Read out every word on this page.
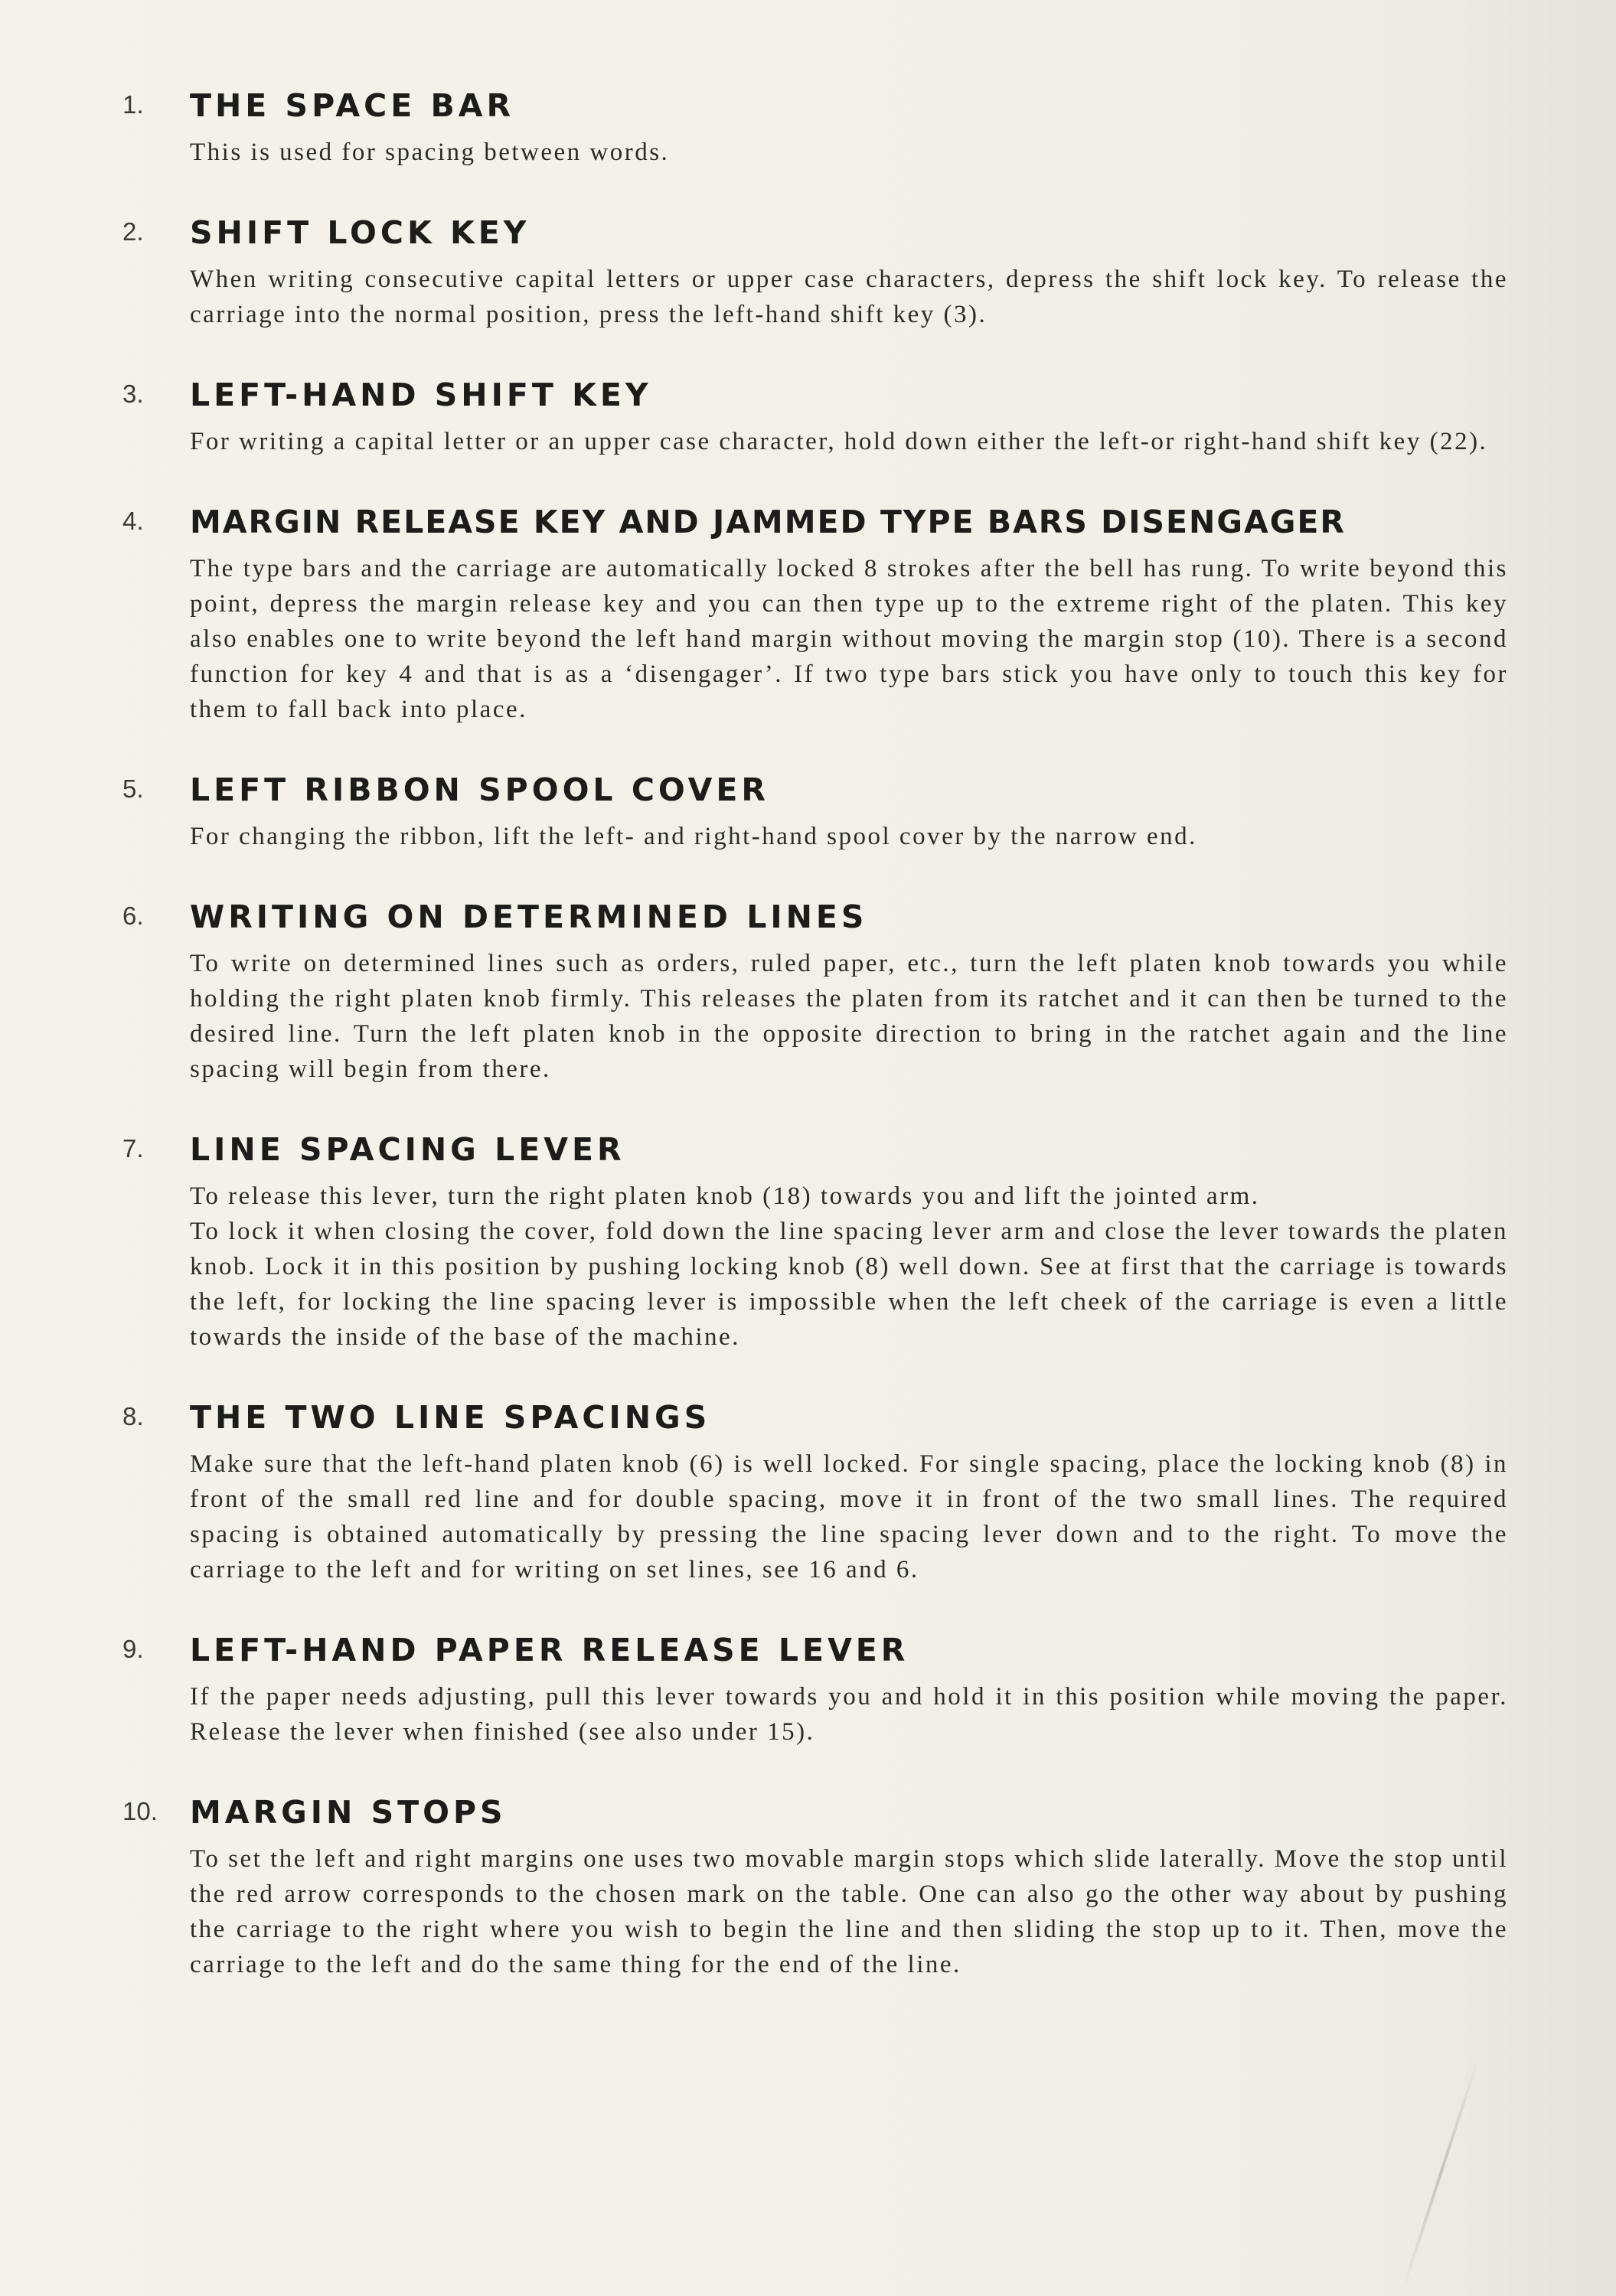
1.	THE SPACE BAR

This is used for spacing between words.

2.	SHIFT LOCK KEY

When writing consecutive capital letters or upper case characters, depress the shift lock key. To release the carriage into the normal position, press the left-hand shift key (3).

3.	LEFT-HAND SHIFT KEY

For writing a capital letter or an upper case character, hold down either the left-or right-hand shift key (22).

4.	MARGIN RELEASE KEY AND JAMMED TYPE BARS DISENGAGER

The type bars and the carriage are automatically locked 8 strokes after the bell has rung. To write beyond this point, depress the margin release key and you can then type up to the extreme right of the platen. This key also enables one to write beyond the left hand margin without moving the margin stop (10). There is a second function for key 4 and that is as a ‘disengager’. If two type bars stick you have only to touch this key for them to fall back into place.

5.	LEFT RIBBON SPOOL COVER

For changing the ribbon, lift the left- and right-hand spool cover by the narrow end.

6.	WRITING ON DETERMINED LINES

To write on determined lines such as orders, ruled paper, etc., turn the left platen knob towards you while holding the right platen knob firmly. This releases the platen from its ratchet and it can then be turned to the desired line. Turn the left platen knob in the opposite direction to bring in the ratchet again and the line spacing will begin from there.

7.	LINE SPACING LEVER

To release this lever, turn the right platen knob (18) towards you and lift the jointed arm.

To lock it when closing the cover, fold down the line spacing lever arm and close the lever towards the platen knob. Lock it in this position by pushing locking knob (8) well down. See at first that the carriage is towards the left, for locking the line spacing lever is impossible when the left cheek of the carriage is even a little towards the inside of the base of the machine.

8.	THE TWO LINE SPACINGS

Make sure that the left-hand platen knob (6) is well locked. For single spacing, place the locking knob (8) in front of the small red line and for double spacing, move it in front of the two small lines. The required spacing is obtained automatically by pressing the line spacing lever down and to the right. To move the carriage to the left and for writing on set lines, see 16 and 6.

9.	LEFT-HAND PAPER RELEASE LEVER

If the paper needs adjusting, pull this lever towards you and hold it in this position while moving the paper. Release the lever when finished (see also under 15).

10.	MARGIN STOPS

To set the left and right margins one uses two movable margin stops which slide laterally. Move the stop until the red arrow corresponds to the chosen mark on the table. One can also go the other way about by pushing the carriage to the right where you wish to begin the line and then sliding the stop up to it. Then, move the carriage to the left and do the same thing for the end of the line.
